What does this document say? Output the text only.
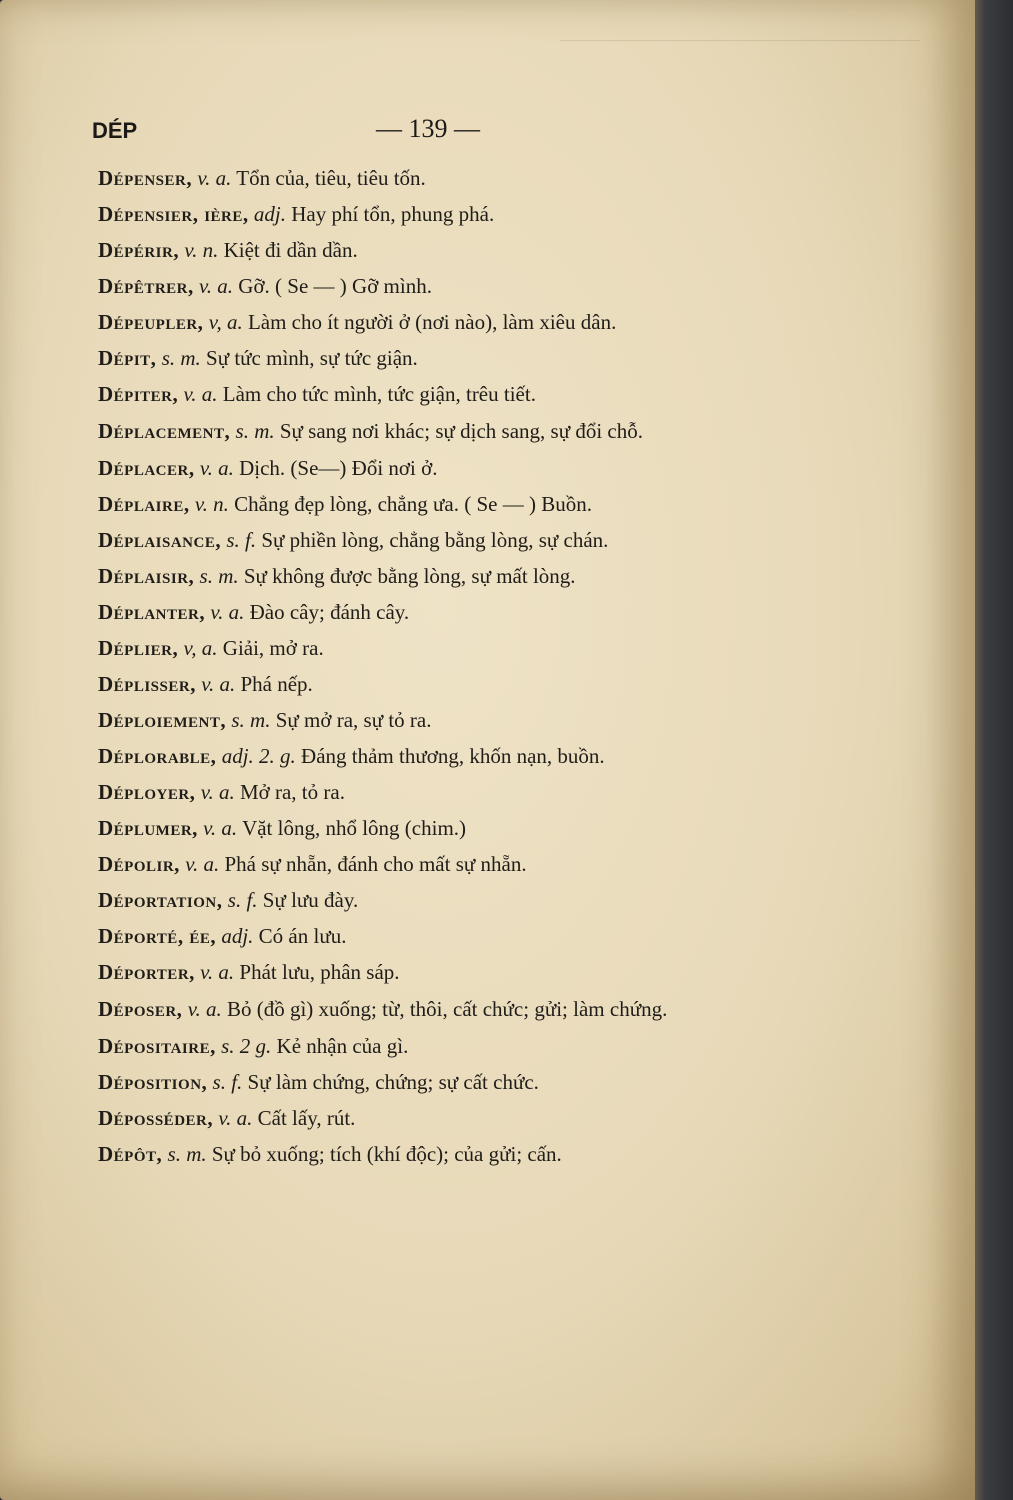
DÉP	— 139 —
Dépenser, v. a. Tổn của, tiêu, tiêu tốn.
Dépensier, ière, adj. Hay phí tổn, phung phá.
Dépérir, v. n. Kiệt đi dần dần.
Dépêtrer, v. a. Gỡ. ( Se — ) Gỡ mình.
Dépeupler, v, a. Làm cho ít người ở (nơi nào), làm xiêu dân.
Dépit, s. m. Sự tức mình, sự tức giận.
Dépiter, v. a. Làm cho tức mình, tức giận, trêu tiết.
Déplacement, s. m. Sự sang nơi khác; sự dịch sang, sự đổi chỗ.
Déplacer, v. a. Dịch. (Se—) Đổi nơi ở.
Déplaire, v. n. Chẳng đẹp lòng, chẳng ưa. ( Se — ) Buồn.
Déplaisance, s. f. Sự phiền lòng, chẳng bằng lòng, sự chán.
Déplaisir, s. m. Sự không được bằng lòng, sự mất lòng.
Déplanter, v. a. Đào cây; đánh cây.
Déplier, v, a. Giải, mở ra.
Déplisser, v. a. Phá nếp.
Déploiement, s. m. Sự mở ra, sự tỏ ra.
Déplorable, adj. 2. g. Đáng thảm thương, khốn nạn, buồn.
Déployer, v. a. Mở ra, tỏ ra.
Déplumer, v. a. Vặt lông, nhổ lông (chim.)
Dépolir, v. a. Phá sự nhẵn, đánh cho mất sự nhẵn.
Déportation, s. f. Sự lưu đày.
Déporté, ée, adj. Có án lưu.
Déporter, v. a. Phát lưu, phân sáp.
Déposer, v. a. Bỏ (đồ gì) xuống; từ, thôi, cất chức; gửi; làm chứng.
Dépositaire, s. 2 g. Kẻ nhận của gì.
Déposition, s. f. Sự làm chứng, chứng; sự cất chức.
Déposséder, v. a. Cất lấy, rút.
Dépôt, s. m. Sự bỏ xuống; tích (khí độc); của gửi; cấn.
